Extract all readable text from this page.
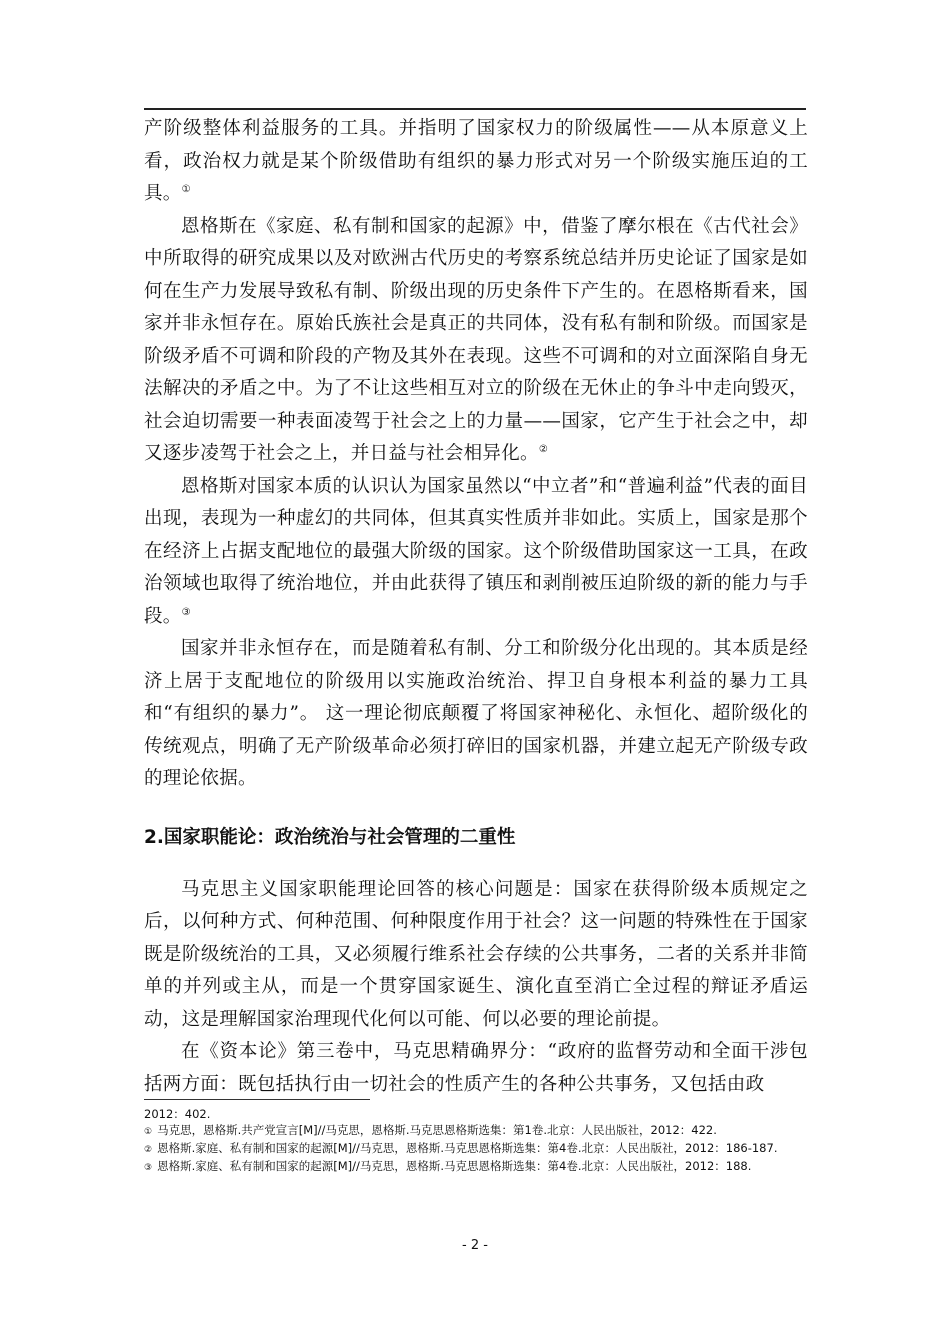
产阶级整体利益服务的工具。并指明了国家权力的阶级属性——从本原意义上看，政治权力就是某个阶级借助有组织的暴力形式对另一个阶级实施压迫的工具。①

恩格斯在《家庭、私有制和国家的起源》中，借鉴了摩尔根在《古代社会》中所取得的研究成果以及对欧洲古代历史的考察系统总结并历史论证了国家是如何在生产力发展导致私有制、阶级出现的历史条件下产生的。在恩格斯看来，国家并非永恒存在。原始氏族社会是真正的共同体，没有私有制和阶级。而国家是阶级矛盾不可调和阶段的产物及其外在表现。这些不可调和的对立面深陷自身无法解决的矛盾之中。为了不让这些相互对立的阶级在无休止的争斗中走向毁灭，社会迫切需要一种表面凌驾于社会之上的力量——国家，它产生于社会之中，却又逐步凌驾于社会之上，并日益与社会相异化。②

恩格斯对国家本质的认识认为国家虽然以“中立者”和“普遍利益”代表的面目出现，表现为一种虚幻的共同体，但其真实性质并非如此。实质上，国家是那个在经济上占据支配地位的最强大阶级的国家。这个阶级借助国家这一工具，在政治领域也取得了统治地位，并由此获得了镇压和剥削被压迫阶级的新的能力与手段。③

国家并非永恒存在，而是随着私有制、分工和阶级分化出现的。其本质是经济上居于支配地位的阶级用以实施政治统治、捍卫自身根本利益的暴力工具和“有组织的暴力”。 这一理论彻底颠覆了将国家神秘化、永恒化、超阶级化的传统观点，明确了无产阶级革命必须打碎旧的国家机器，并建立起无产阶级专政的理论依据。

2.国家职能论：政治统治与社会管理的二重性

马克思主义国家职能理论回答的核心问题是：国家在获得阶级本质规定之后，以何种方式、何种范围、何种限度作用于社会？这一问题的特殊性在于国家既是阶级统治的工具，又必须履行维系社会存续的公共事务，二者的关系并非简单的并列或主从，而是一个贯穿国家诞生、演化直至消亡全过程的辩证矛盾运动，这是理解国家治理现代化何以可能、何以必要的理论前提。

在《资本论》第三卷中，马克思精确界分：“政府的监督劳动和全面干涉包括两方面：既包括执行由一切社会的性质产生的各种公共事务，又包括由政

2012：402.

① 马克思，恩格斯.共产党宣言[M]//马克思，恩格斯.马克思恩格斯选集：第1卷.北京：人民出版社，2012：422.

② 恩格斯.家庭、私有制和国家的起源[M]//马克思，恩格斯.马克思恩格斯选集：第4卷.北京：人民出版社，2012：186-187.

③ 恩格斯.家庭、私有制和国家的起源[M]//马克思，恩格斯.马克思恩格斯选集：第4卷.北京：人民出版社，2012：188.

- 2 -
